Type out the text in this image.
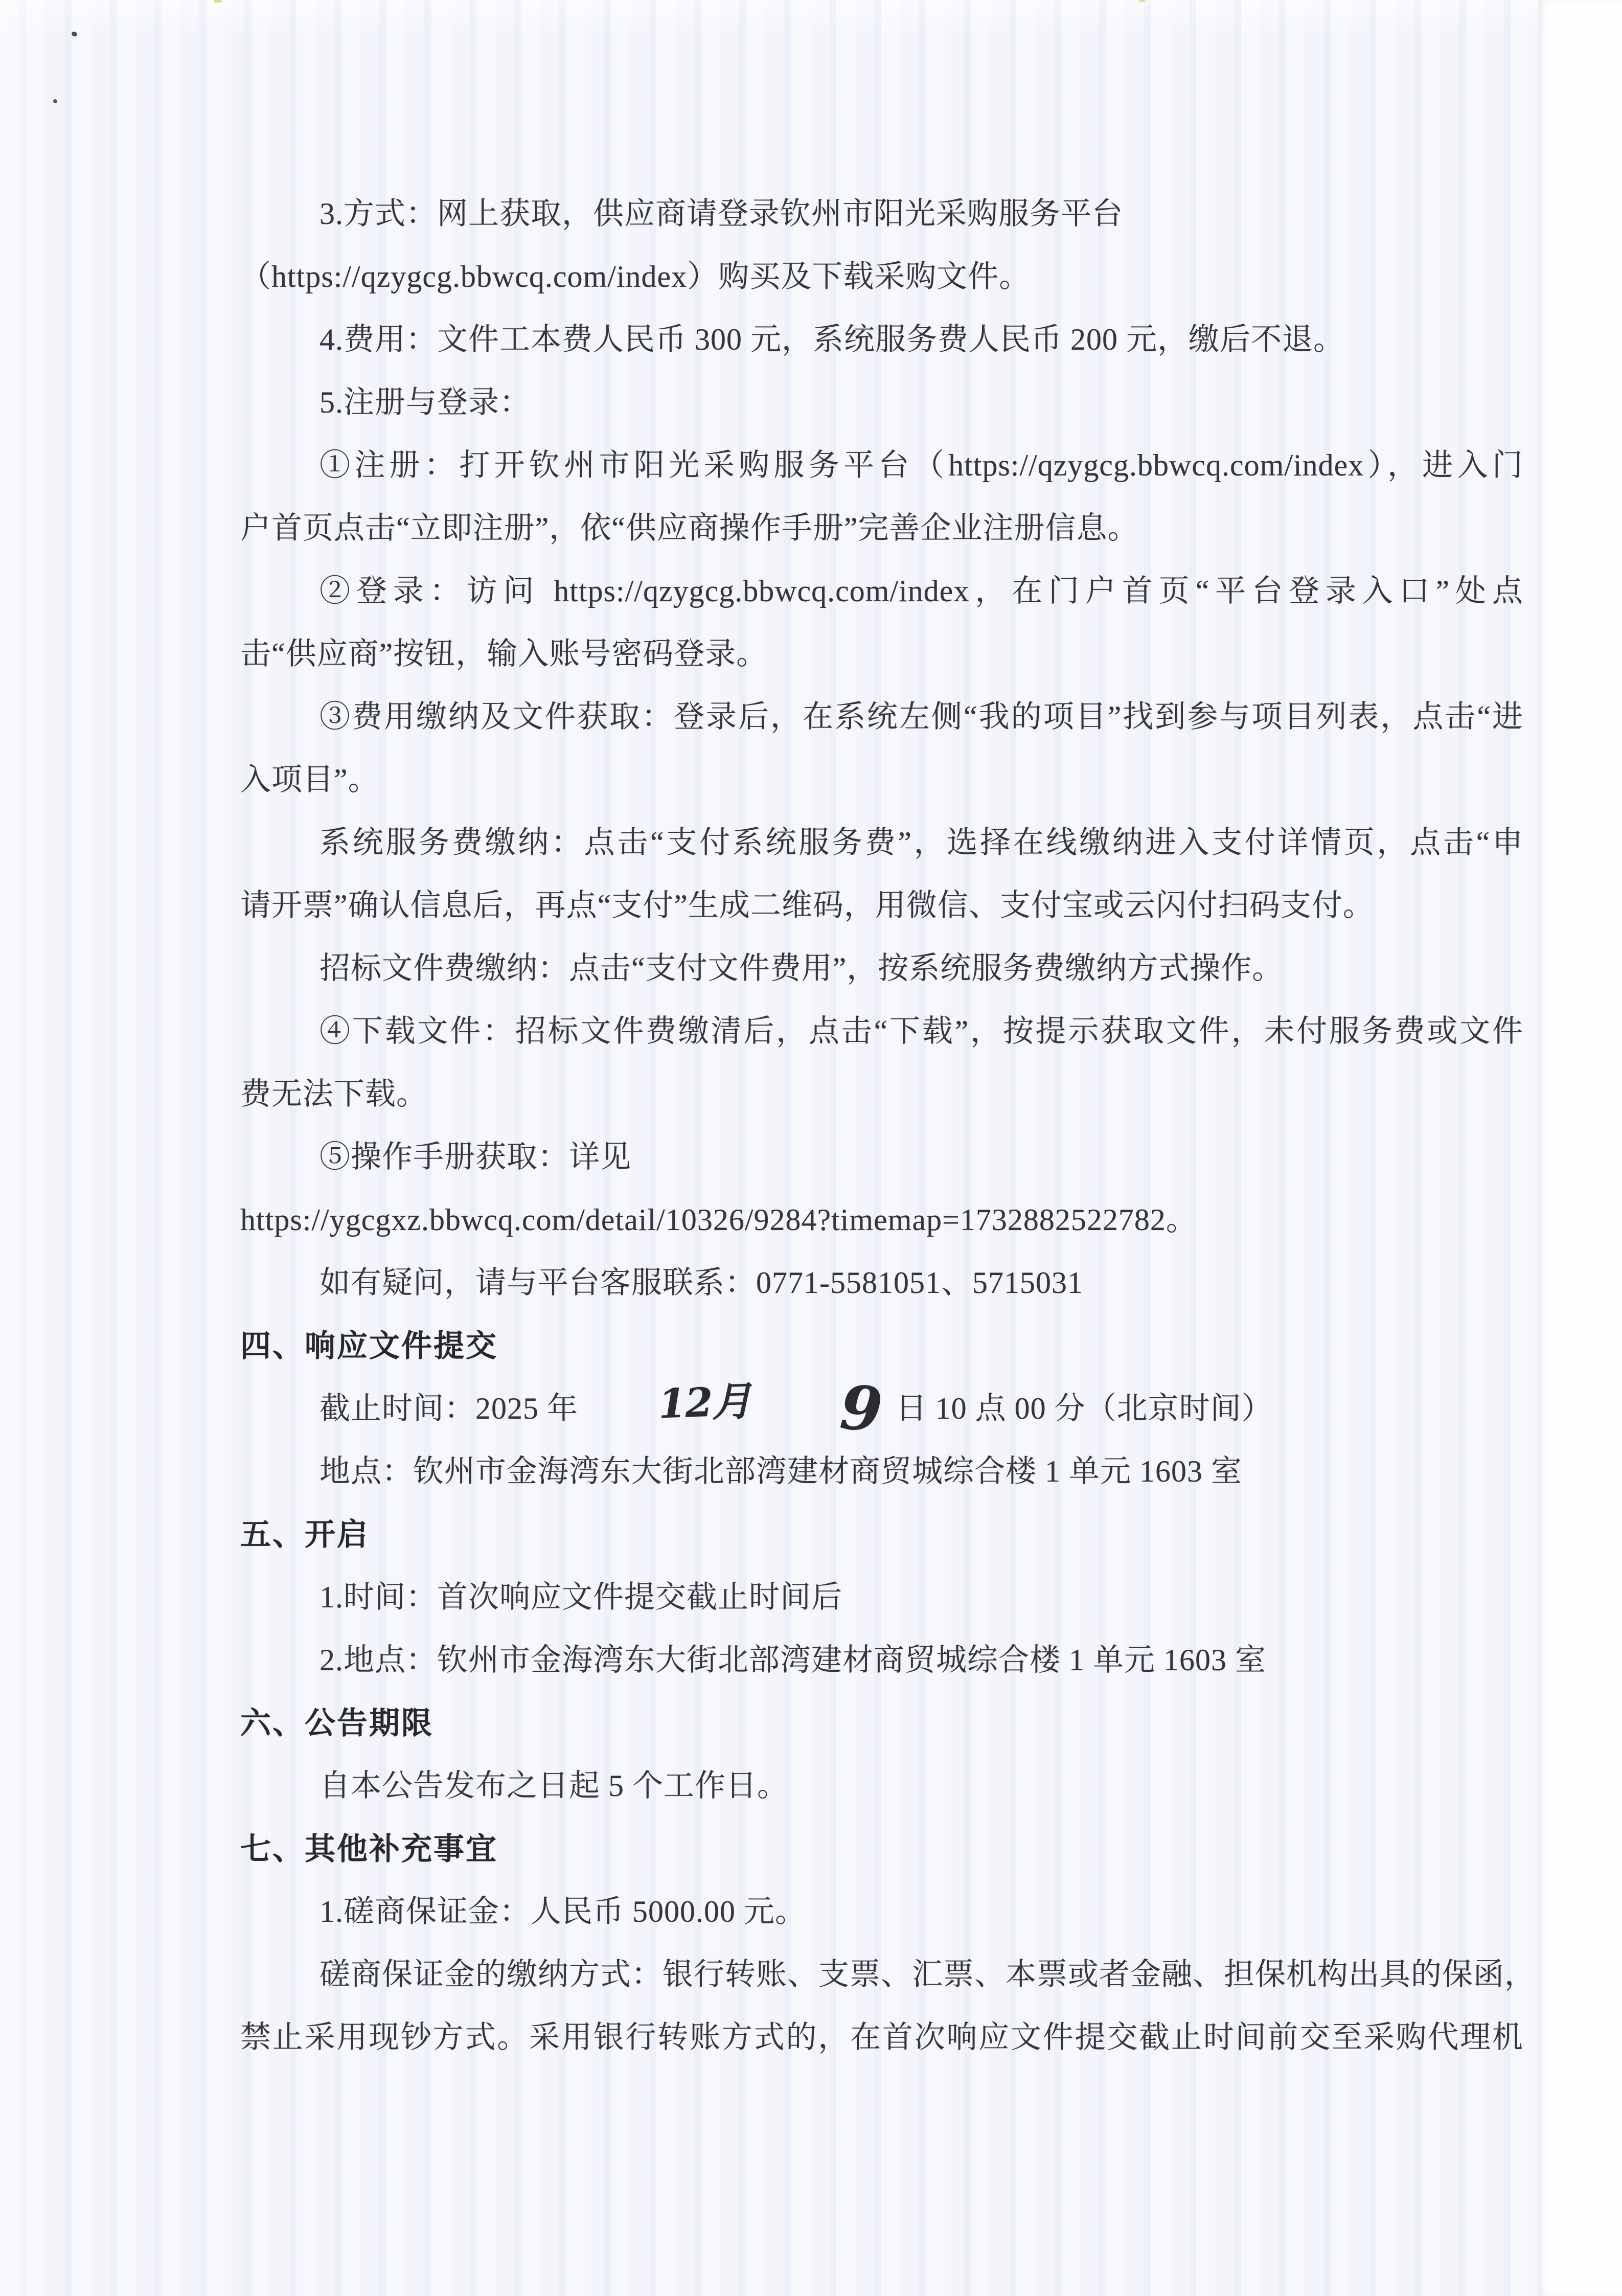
3.方式：网上获取，供应商请登录钦州市阳光采购服务平台
（https://qzygcg.bbwcq.com/index）购买及下载采购文件。
4.费用：文件工本费人民币 300 元，系统服务费人民币 200 元，缴后不退。
5.注册与登录：
①注册：打开钦州市阳光采购服务平台（https://qzygcg.bbwcq.com/index），进入门
户首页点击“立即注册”，依“供应商操作手册”完善企业注册信息。
②登录：访问 https://qzygcg.bbwcq.com/index，在门户首页“平台登录入口”处点
击“供应商”按钮，输入账号密码登录。
③费用缴纳及文件获取：登录后，在系统左侧“我的项目”找到参与项目列表，点击“进
入项目”。
系统服务费缴纳：点击“支付系统服务费”，选择在线缴纳进入支付详情页，点击“申
请开票”确认信息后，再点“支付”生成二维码，用微信、支付宝或云闪付扫码支付。
招标文件费缴纳：点击“支付文件费用”，按系统服务费缴纳方式操作。
④下载文件：招标文件费缴清后，点击“下载”，按提示获取文件，未付服务费或文件
费无法下载。
⑤操作手册获取：详见
https://ygcgxz.bbwcq.com/detail/10326/9284?timemap=1732882522782。
如有疑问，请与平台客服联系：0771-5581051、5715031
四、响应文件提交
截止时间：2025 年 12月 9 日 10 点 00 分（北京时间）
地点：钦州市金海湾东大街北部湾建材商贸城综合楼 1 单元 1603 室
五、开启
1.时间：首次响应文件提交截止时间后
2.地点：钦州市金海湾东大街北部湾建材商贸城综合楼 1 单元 1603 室
六、公告期限
自本公告发布之日起 5 个工作日。
七、其他补充事宜
1.磋商保证金：人民币 5000.00 元。
磋商保证金的缴纳方式：银行转账、支票、汇票、本票或者金融、担保机构出具的保函，
禁止采用现钞方式。采用银行转账方式的，在首次响应文件提交截止时间前交至采购代理机
